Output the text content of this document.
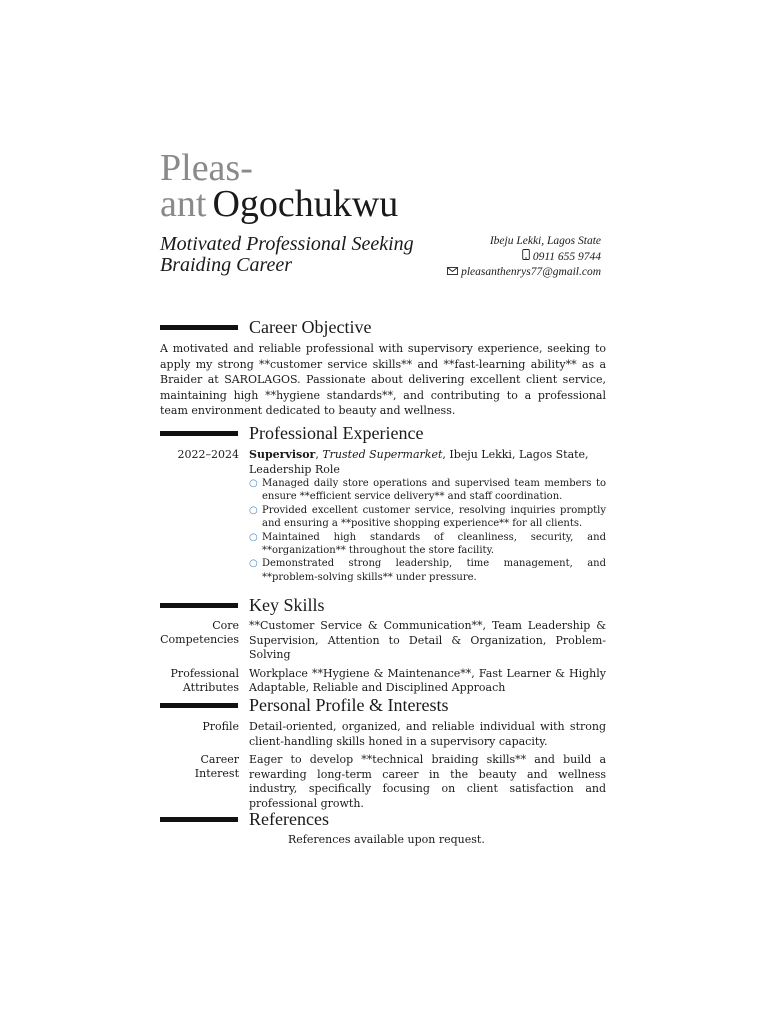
Pleas-
ant Ogochukwu
Motivated Professional Seeking Braiding Career
Ibeju Lekki, Lagos State
0911 655 9744
pleasanthenrys77@gmail.com
Career Objective

A motivated and reliable professional with supervisory experience, seeking to apply my strong **customer service skills** and **fast-learning ability** as a Braider at SAROLAGOS. Passionate about delivering excellent client service, maintaining high **hygiene standards**, and contributing to a professional team environment dedicated to beauty and wellness.

Professional Experience
2022–2024 Supervisor, Trusted Supermarket, Ibeju Lekki, Lagos State,
Leadership Role
○ Managed daily store operations and supervised team members to ensure **efficient service delivery** and staff coordination.
○ Provided excellent customer service, resolving inquiries promptly and ensuring a **positive shopping experience** for all clients.
○ Maintained high standards of cleanliness, security, and **organization** throughout the store facility.
○ Demonstrated strong leadership, time management, and **problem-solving skills** under pressure.
Key Skills
Core Competencies
**Customer Service & Communication**, Team Leadership & Supervision, Attention to Detail & Organization, Problem-Solving
Professional Attributes
Workplace **Hygiene & Maintenance**, Fast Learner & Highly Adaptable, Reliable and Disciplined Approach
Personal Profile & Interests
Profile Detail-oriented, organized, and reliable individual with strong client-handling skills honed in a supervisory capacity.
Career Interest
Eager to develop **technical braiding skills** and build a rewarding long-term career in the beauty and wellness industry, specifically focusing on client satisfaction and professional growth.
References
References available upon request.
